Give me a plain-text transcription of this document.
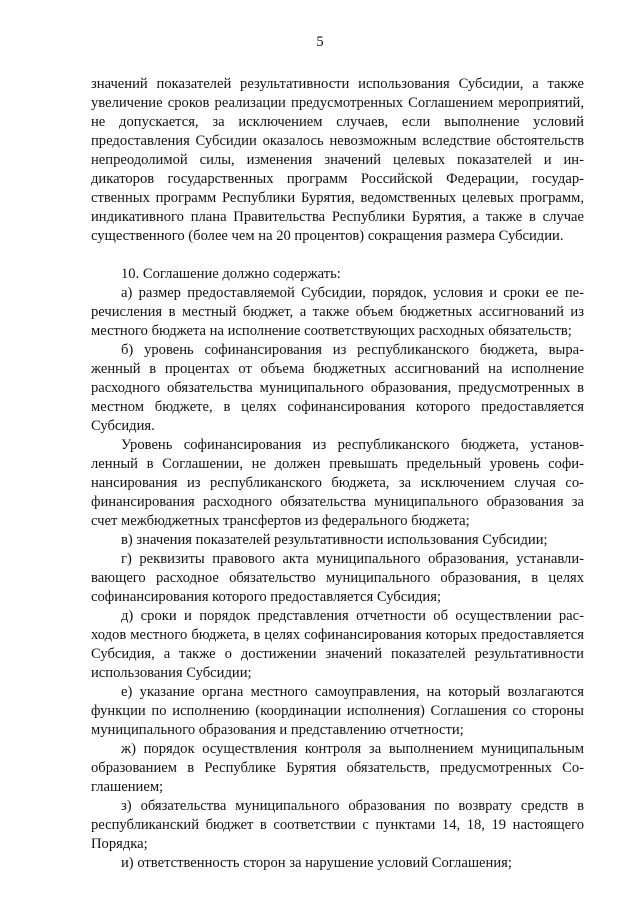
5

значений показателей результативности использования Субсидии, а также увеличение сроков реализации предусмотренных Соглашением мероприятий, не допускается, за исключением случаев, если выполнение условий предоставления Субсидии оказалось невозможным вследствие обстоятельств непреодолимой силы, изменения значений целевых показателей и индикаторов государственных программ Российской Федерации, государственных программ Республики Бурятия, ведомственных целевых программ, индикативного плана Правительства Республики Бурятия, а также в случае существенного (более чем на 20 процентов) сокращения размера Субсидии.

10. Соглашение должно содержать:

а) размер предоставляемой Субсидии, порядок, условия и сроки ее перечисления в местный бюджет, а также объем бюджетных ассигнований из местного бюджета на исполнение соответствующих расходных обязательств;

б) уровень софинансирования из республиканского бюджета, выраженный в процентах от объема бюджетных ассигнований на исполнение расходного обязательства муниципального образования, предусмотренных в местном бюджете, в целях софинансирования которого предоставляется Субсидия.

Уровень софинансирования из республиканского бюджета, установленный в Соглашении, не должен превышать предельный уровень софинансирования из республиканского бюджета, за исключением случая софинансирования расходного обязательства муниципального образования за счет межбюджетных трансфертов из федерального бюджета;

в) значения показателей результативности использования Субсидии;

г) реквизиты правового акта муниципального образования, устанавливающего расходное обязательство муниципального образования, в целях софинансирования которого предоставляется Субсидия;

д) сроки и порядок представления отчетности об осуществлении расходов местного бюджета, в целях софинансирования которых предоставляется Субсидия, а также о достижении значений показателей результативности использования Субсидии;

е) указание органа местного самоуправления, на который возлагаются функции по исполнению (координации исполнения) Соглашения со стороны муниципального образования и представлению отчетности;

ж) порядок осуществления контроля за выполнением муниципальным образованием в Республике Бурятия обязательств, предусмотренных Соглашением;

з) обязательства муниципального образования по возврату средств в республиканский бюджет в соответствии с пунктами 14, 18, 19 настоящего Порядка;

и) ответственность сторон за нарушение условий Соглашения;
